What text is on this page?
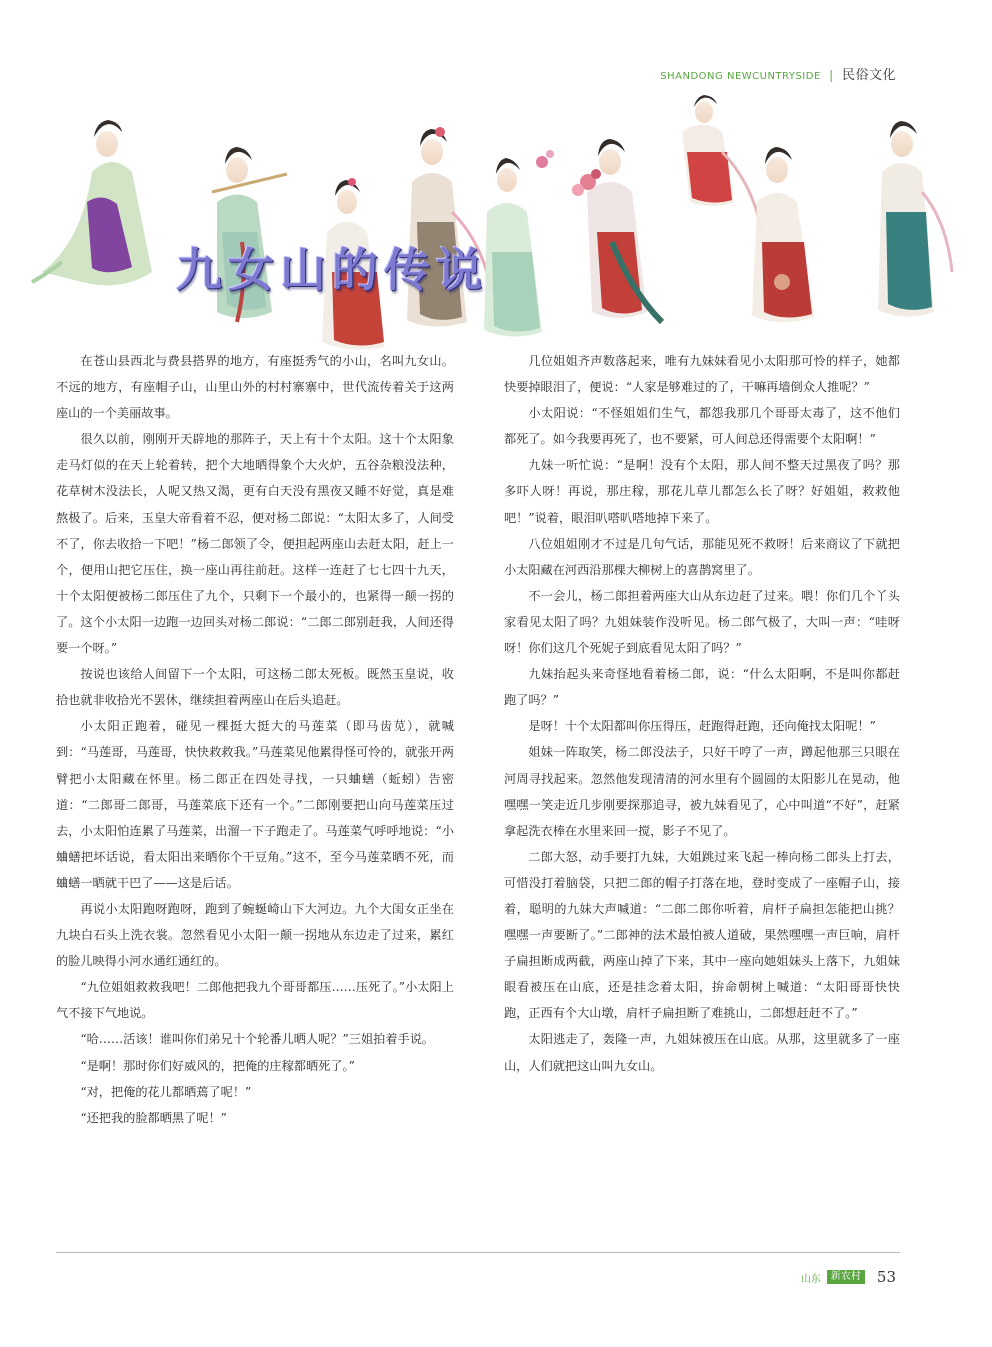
SHANDONG NEWCUNTRYSIDE | 民俗文化
九女山的传说

在苍山县西北与费县搭界的地方，有座挺秀气的小山，名叫九女山。不远的地方，有座帽子山，山里山外的村村寨寨中，世代流传着关于这两座山的一个美丽故事。

很久以前，刚刚开天辟地的那阵子，天上有十个太阳。这十个太阳象走马灯似的在天上轮着转，把个大地晒得象个大火炉，五谷杂粮没法种，花草树木没法长，人呢又热又渴，更有白天没有黑夜又睡不好觉，真是难熬极了。后来，玉皇大帝看着不忍，便对杨二郎说：“太阳太多了，人间受不了，你去收拾一下吧！”杨二郎领了令，便担起两座山去赶太阳，赶上一个，便用山把它压住，换一座山再往前赶。这样一连赶了七七四十九天，十个太阳便被杨二郎压住了九个，只剩下一个最小的，也紧得一颠一拐的了。这个小太阳一边跑一边回头对杨二郎说：“二郎二郎别赶我，人间还得要一个呀。”

按说也该给人间留下一个太阳，可这杨二郎太死板。既然玉皇说，收拾也就非收拾光不罢休，继续担着两座山在后头追赶。

小太阳正跑着，碰见一棵挺大挺大的马莲菜（即马齿苋），就喊到：“马莲哥，马莲哥，快快救救我。”马莲菜见他累得怪可怜的，就张开两臂把小太阳藏在怀里。杨二郎正在四处寻找，一只蛐蟮（蚯蚓）告密道：“二郎哥二郎哥，马莲菜底下还有一个。”二郎刚要把山向马莲菜压过去，小太阳怕连累了马莲菜，出溜一下子跑走了。马莲菜气呼呼地说：“小蛐蟮把坏话说，看太阳出来晒你个干豆角。”这不，至今马莲菜晒不死，而蛐蟮一晒就干巴了——这是后话。

再说小太阳跑呀跑呀，跑到了蜿蜒崎山下大河边。九个大闺女正坐在九块白石头上洗衣裳。忽然看见小太阳一颠一拐地从东边走了过来，累红的脸儿映得小河水通红通红的。

“九位姐姐救救我吧！二郎他把我九个哥哥都压……压死了。”小太阳上气不接下气地说。

“哈……活该！谁叫你们弟兄十个轮番儿晒人呢？”三姐拍着手说。

“是啊！那时你们好威风的，把俺的庄稼都晒死了。”

“对，把俺的花儿都晒蔫了呢！”

“还把我的脸都晒黑了呢！”

几位姐姐齐声数落起来，唯有九妹妹看见小太阳那可怜的样子，她都快要掉眼泪了，便说：“人家是够难过的了，干嘛再墙倒众人推呢？”

小太阳说：“不怪姐姐们生气，都怨我那几个哥哥太毒了，这不他们都死了。如今我要再死了，也不要紧，可人间总还得需要个太阳啊！”

九妹一听忙说：“是啊！没有个太阳，那人间不整天过黑夜了吗？那多吓人呀！再说，那庄稼，那花儿草儿都怎么长了呀？好姐姐，救救他吧！”说着，眼泪叭嗒叭嗒地掉下来了。

八位姐姐刚才不过是几句气话，那能见死不救呀！后来商议了下就把小太阳藏在河西沿那棵大柳树上的喜鹊窝里了。

不一会儿，杨二郎担着两座大山从东边赶了过来。喂！你们几个丫头家看见太阳了吗？九姐妹装作没听见。杨二郎气极了，大叫一声：“哇呀呀！你们这几个死妮子到底看见太阳了吗？”

九妹抬起头来奇怪地看着杨二郎，说：“什么太阳啊，不是叫你都赶跑了吗？”

是呀！十个太阳都叫你压得压，赶跑得赶跑，还向俺找太阳呢！”

姐妹一阵取笑，杨二郎没法子，只好干哼了一声，蹲起他那三只眼在河周寻找起来。忽然他发现清清的河水里有个圆圆的太阳影儿在晃动，他嘿嘿一笑走近几步刚要探那追寻，被九妹看见了，心中叫道“不好”，赶紧拿起洗衣棒在水里来回一搅，影子不见了。

二郎大怒，动手要打九妹，大姐跳过来飞起一棒向杨二郎头上打去，可惜没打着脑袋，只把二郎的帽子打落在地，登时变成了一座帽子山，接着，聪明的九妹大声喊道：“二郎二郎你听着，肩杆子扁担怎能把山挑？嘿嘿一声要断了。”二郎神的法术最怕被人道破，果然嘿嘿一声巨响，肩杆子扁担断成两截，两座山掉了下来，其中一座向她姐妹头上落下，九姐妹眼看被压在山底，还是挂念着太阳，拚命朝树上喊道：“太阳哥哥快快跑，正西有个大山墩，肩杆子扁担断了难挑山，二郎想赶赶不了。”

太阳逃走了，轰隆一声，九姐妹被压在山底。从那，这里就多了一座山，人们就把这山叫九女山。

山东	新农村 53
